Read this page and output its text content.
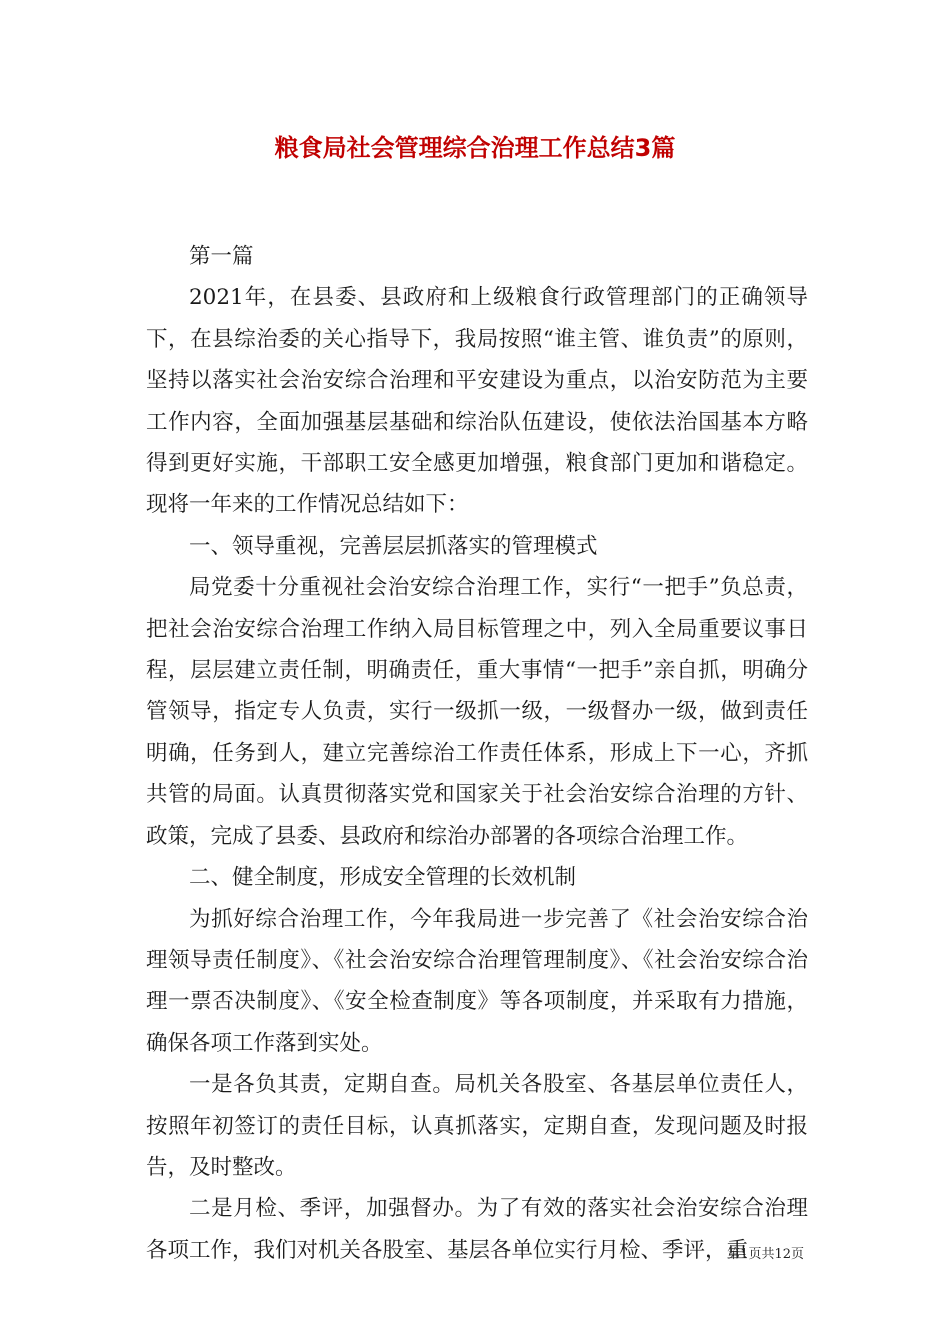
粮食局社会管理综合治理工作总结3篇

第一篇

2021年，在县委、县政府和上级粮食行政管理部门的正确领导下，在县综治委的关心指导下，我局按照“谁主管、谁负责”的原则，坚持以落实社会治安综合治理和平安建设为重点，以治安防范为主要工作内容，全面加强基层基础和综治队伍建设，使依法治国基本方略得到更好实施，干部职工安全感更加增强，粮食部门更加和谐稳定。现将一年来的工作情况总结如下：

一、领导重视，完善层层抓落实的管理模式

局党委十分重视社会治安综合治理工作，实行“一把手”负总责，把社会治安综合治理工作纳入局目标管理之中，列入全局重要议事日程，层层建立责任制，明确责任，重大事情“一把手”亲自抓，明确分管领导，指定专人负责，实行一级抓一级，一级督办一级，做到责任明确，任务到人，建立完善综治工作责任体系，形成上下一心，齐抓共管的局面。认真贯彻落实党和国家关于社会治安综合治理的方针、政策，完成了县委、县政府和综治办部署的各项综合治理工作。

二、健全制度，形成安全管理的长效机制

为抓好综合治理工作，今年我局进一步完善了《社会治安综合治理领导责任制度》、《社会治安综合治理管理制度》、《社会治安综合治理一票否决制度》、《安全检查制度》等各项制度，并采取有力措施，确保各项工作落到实处。

一是各负其责，定期自查。局机关各股室、各基层单位责任人，按照年初签订的责任目标，认真抓落实，定期自查，发现问题及时报告，及时整改。

二是月检、季评，加强督办。为了有效的落实社会治安综合治理各项工作，我们对机关各股室、基层各单位实行月检、季评，重

第1页共12页
